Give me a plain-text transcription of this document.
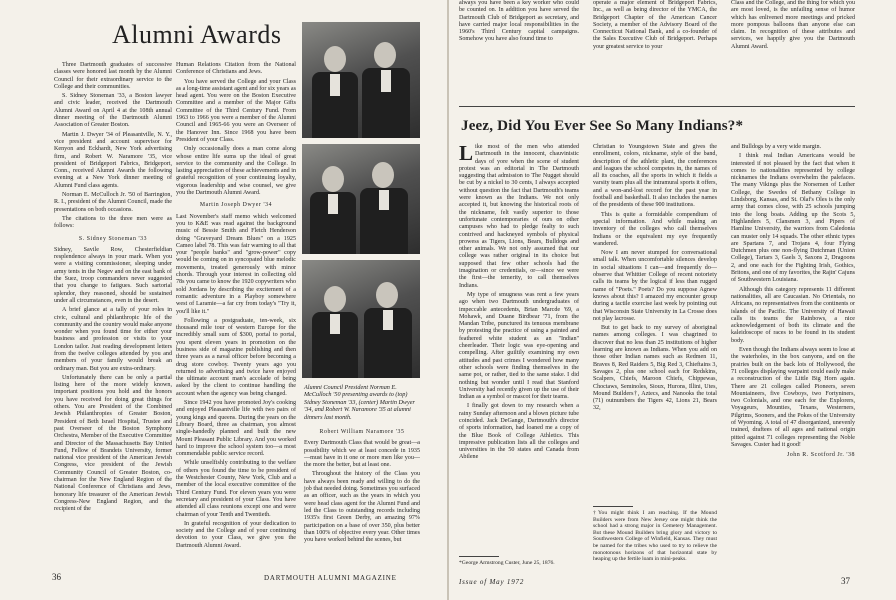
Alumni Awards

Three Dartmouth graduates of successive classes were honored last month by the Alumni Council for their extraordinary service to the College and their communities.

S. Sidney Stoneman '33, a Boston lawyer and civic leader, received the Dartmouth Alumni Award on April 4 at the 108th annual dinner meeting of the Dartmouth Alumni Association of Greater Boston.

Martin J. Dwyer '34 of Pleasantville, N. Y., vice president and account supervisor for Kenyon and Eckhardt, New York advertising firm, and Robert W. Naramore '35, vice president of Bridgeport Fabrics, Bridgeport, Conn., received Alumni Awards the following evening at a New York dinner meeting of Alumni Fund class agents.

Norman E. McCulloch Jr. '50 of Barrington, R. I., president of the Alumni Council, made the presentations on both occasions.

The citations to the three men were as follows:

S. Sidney Stoneman '33

Sidney, Savile Row, Chesterfieldian resplendence always in your mark. When you were a visiting commissioner, sleeping under army tents in the Negev and on the east bank of the Suez, troop commanders never suggested that you change to fatigues. Such sartorial splendor, they reasoned, should be sustained under all circumstances, even in the desert.

A brief glance at a tally of your roles in civic, cultural and philanthropic life of the community and the country would make anyone wonder when you found time for either your business and profession or visits to your London tailor. Just reading development letters from the twelve colleges attended by you and members of your family would break an ordinary man. But you are extra-ordinary.

Unfortunately there can be only a partial listing here of the more widely known, important positions you hold and the honors you have received for doing great things for others. You are President of the Combined Jewish Philanthropies of Greater Boston, President of Beth Israel Hospital, Trustee and past Overseer of the Boston Symphony Orchestra, Member of the Executive Committee and Director of the Massachusetts Bay United Fund, Fellow of Brandeis University, former national vice president of the American Jewish Congress, vice president of the Jewish Community Council of Greater Boston, co-chairman for the New England Region of the National Conference of Christians and Jews, honorary life treasurer of the American Jewish Congress-New England Region, and the recipient of the

Human Relations Citation from the National Conference of Christians and Jews.

You have served the College and your Class as a long-time assistant agent and for six years as head agent. You were on the Boston Executive Committee and a member of the Major Gifts Committee of the Third Century Fund. From 1963 to 1966 you were a member of the Alumni Council and 1965-66 you were an Overseer of the Hanover Inn. Since 1968 you have been President of your Class.

Only occasionally does a man come along whose entire life sums up the ideal of great service to the community and the College. In lasting appreciation of these achievements and in grateful recognition of your continuing loyalty, vigorous leadership and wise counsel, we give you the Dartmouth Alumni Award.

Martin Joseph Dwyer '34

Last November's staff memo which welcomed you to K&E was read against the background music of Bessie Smith and Fletch Henderson doing "Graveyard Dream Blues" on a 1925 Cameo label 78. This was fair warning to all that your "people banks" and "grow-power" copy would be coming on in syncopated blue melodic movements, treated generously with minor chords. Through your interest in collecting old 78s you came to know the 1920 copywriters who sold Jordans by describing the excitement of a romantic adventure in a Playboy somewhere west of Laramie—a far cry from today's "Try it, you'll like it."

Following a postgraduate, ten-week, six thousand mile tour of western Europe for the incredibly small sum of $300, portal to portal, you spent eleven years in promotion on the business side of magazine publishing and then three years as a naval officer before becoming a drug store cowboy. Twenty years ago you returned to advertising and twice have enjoyed the ultimate account man's accolade of being asked by the client to continue handling the account when the agency was being changed.

Since 1942 you have promoted Joy's cooking and enjoyed Pleasantville life with two pairs of young kings and queens. During the years on the Library Board, three as chairman, you almost single-handedly planned and built the new Mount Pleasant Public Library. And you worked hard to improve the school system too—a most commendable public service record.

While unselfishly contributing to the welfare of others you found the time to be president of the Westchester County, New York, Club and a member of the local executive committee of the Third Century Fund. For eleven years you were secretary and president of your Class. You have attended all class reunions except one and were chairman of your Tenth and Twentieth.

In grateful recognition of your dedication to society and the College and of your continuing devotion to your Class, we give you the Dartmouth Alumni Award.

Alumni Council President Norman E. McCulloch '50 presenting awards to (top) Sidney Stoneman '33, (center) Martin Dwyer '34, and Robert W. Naramore '35 at alumni dinners last month.
Robert William Naramore '35

Every Dartmouth Class that would be great—a possibility which we at least concede in 1935—must have in it one or more men like you—the more the better, but at least one.

Throughout the history of the Class you have always been ready and willing to do the job that needed doing. Sometimes you surfaced as an officer, such as the years in which you were head class agent for the Alumni Fund and led the Class to outstanding records including 1935's first Green Derby, an amazing 97% participation on a base of over 350, plus better than 100% of objective every year. Other times you have worked behind the scenes, but

36	DARTMOUTH ALUMNI MAGAZINE

always you have been a key worker who could be counted on. In addition you have served the Dartmouth Club of Bridgeport as secretary, and have carried major local responsibilities in the 1960's Third Century capital campaigns. Somehow you have also found time to

operate a major element of Bridgeport Fabrics, Inc., as well as being director of the YMCA, the Bridgeport Chapter of the American Cancer Society, a member of the Advisory Board of the Connecticut National Bank, and a co-founder of the Sales Executive Club of Bridgeport. Perhaps your greatest service to your

Class and the College, and the thing for which you are most loved, is the unfailing sense of humor which has enlivened more meetings and pricked more pompous balloons than anyone else can claim. In recognition of these attributes and services, we happily give you the Dartmouth Alumni Award.

Jeez, Did You Ever See So Many Indians?*

Like most of the men who attended Dartmouth in the innocent, chauvinistic days of yore when the scene of student protest was an editorial in The Dartmouth suggesting that admission to The Nugget should be cut by a nickel to 30 cents, I always accepted without question the fact that Dartmouth's teams were known as the Indians. We not only accepted it, but knowing the historical roots of the nickname, felt vastly superior to those unfortunate contemporaries of ours on other campuses who had to pledge fealty to such contrived and hackneyed symbols of physical prowess as Tigers, Lions, Bears, Bulldogs and other animals. We not only assumed that our college was rather original in its choice but supposed that few other schools had the imagination or credentials, or—since we were the first—the temerity, to call themselves Indians.

My type of smugness was rent a few years ago when two Dartmouth undergraduates of impeccable antecedents, Brian Marcde '69, a Mohawk, and Duane Birdbear '71, from the Mandan Tribe, punctured its tenuous membrane by protesting the practice of using a painted and feathered white student as an "Indian" cheerleader. Their logic was eye-opening and compelling. After guiltily examining my own attitudes and past crimes I wondered how many other schools were finding themselves in the same pot, or rather, tied to the same stake. I did nothing but wonder until I read that Stanford University had recently given up the use of their Indian as a symbol or mascot for their teams.

I finally got down to my research when a rainy Sunday afternoon and a blown picture tube coincided. Jack DeGange, Dartmouth's director of sports information, had loaned me a copy of the Blue Book of College Athletics. This impressive publication lists all the colleges and universities in the 50 states and Canada from Abilene

Christian to Youngstown State and gives the enrollment, colors, nickname, style of the band, description of the athletic plant, the conferences and leagues the school competes in, the names of all its coaches, all the sports in which it fields a varsity team plus all the intramural sports it offers, and a won-and-lost record for the past year in football and basketball. It also includes the names of the presidents of these 900 institutions.

This is quite a formidable compendium of special information. And while making an inventory of the colleges who call themselves Indians or the equivalent my eye frequently wandered.

Now I am never stumped for conversational small talk. When uncomfortable silences develop in social situations I can—and frequently do—observe that Whittier College of recent notoriety calls its teams by the logical if less than rugged name of "Poets." Poets? Do you suppose Agnew knows about this? I amazed my encounter group during a tactile exercise last week by pointing out that Wisconsin State University in La Crosse does not play lacrosse.

But to get back to my survey of aboriginal names among colleges. I was chagrined to discover that no less than 25 institutions of higher learning are known as Indians. When you add on those other Indian names such as Redmen 11, Braves 8, Red Raiders 5, Big Red 3, Chieftains 3, Savages 2, plus one school each for Redskins, Scalpers, Chiefs, Maroon Chiefs, Chippewas, Choctaws, Seminoles, Sioux, Hurons, Illini, Utes, Mound Builders†, Aztecs, and Nanooks the total (71) outnumbers the Tigers 42, Lions 21, Bears 32,

and Bulldogs by a very wide margin.

I think real Indian Americans would be interested if not pleased by the fact that when it comes to nationalities represented by college nicknames the Indians overwhelm the palefaces. The many Vikings plus the Norsemen of Luther College, the Swedes of Bethany College in Lindsborg, Kansas, and St. Olaf's Oles is the only army that comes close, with 25 schools jumping into the long boats. Adding up the Scots 5, Highlanders 5, Clansmen 3, and Pipers of Hamline University, the warriors from Caledonia can muster only 14 squads. The other ethnic types are Spartans 7, and Trojans 4, four Flying Dutchmen plus one non-flying Dutchman (Union College), Tartars 3, Gaels 3, Saxons 2, Dragoons 2, and one each for the Fighting Irish, Gothics, Britons, and one of my favorites, the Rajin' Cajuns of Southwestern Louisiana.

Although this category represents 11 different nationalities, all are Caucasian. No Orientals, no Africans, no representatives from the continents or islands of the Pacific. The University of Hawaii calls its teams the Rainbows, a nice acknowledgement of both its climate and the kaleidoscope of races to be found in its student body.

Even though the Indians always seem to lose at the waterholes, in the box canyons, and on the prairies built on the back lots of Hollywood, the 71 colleges displaying warpaint could easily make a reconstruction of the Little Big Horn again. There are 21 colleges called Pioneers, seven Mountaineers, five Cowboys, two Fortyniners, two Colonials, and one each for the Explorers, Voyageurs, Mounties, Texans, Westerners, Pilgrims, Sooners, and the Pokes of the University of Wyoming. A total of 47 disorganized, unevenly trained, draftees of all ages and national origin pitted against 71 colleges representing the Noble Savages. Custer had it good!

John R. Scotford Jr. '38
*George Armstrong Custer, June 25, 1876.
†You might think I am reaching. If the Mound Builders were from New Jersey one might think the school had a strong major in Cemetery Management. But these Mound Builders bring glory and victory to Southwestern College of Winfield, Kansas. They must be named for the tribes who used to try to relieve the monotonous horizons of that horizontal state by heaping up the fertile loam in mini-peaks.
Issue of May 1972	37
